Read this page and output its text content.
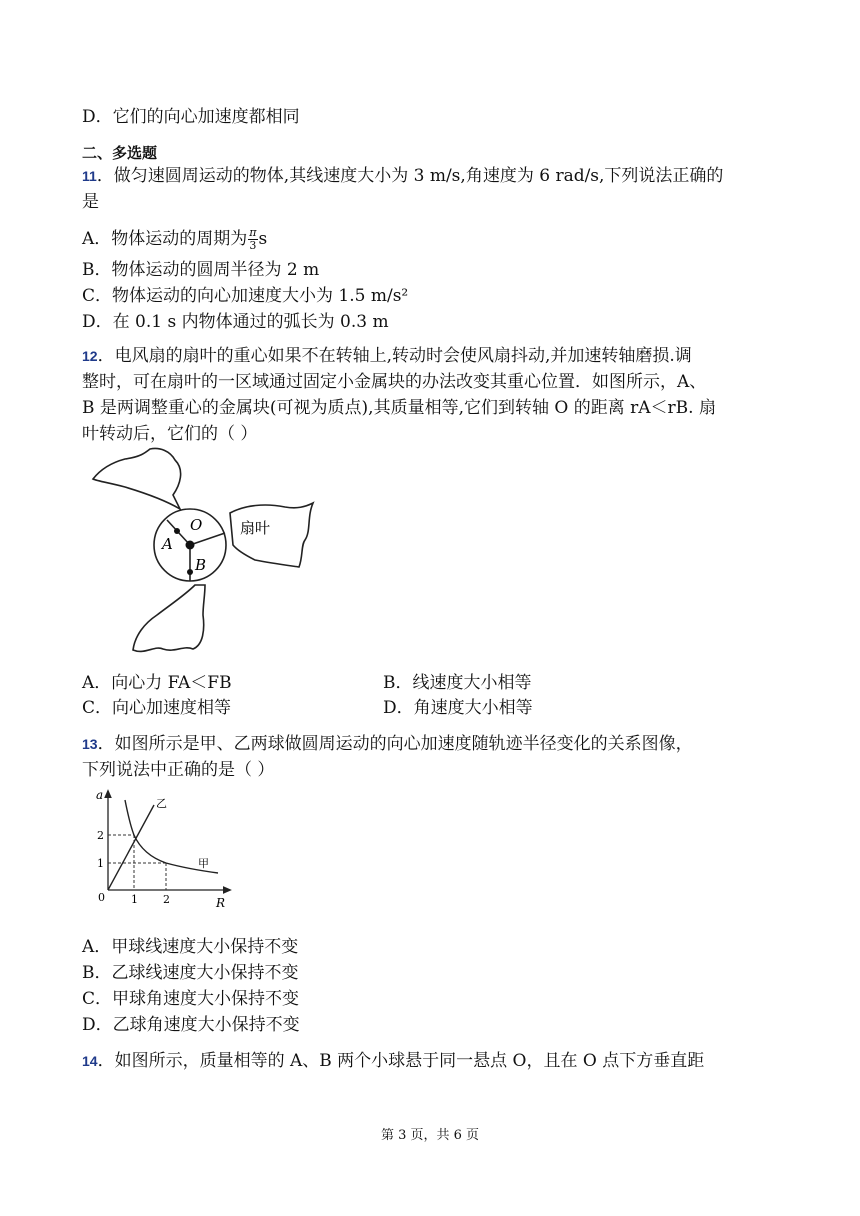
D．它们的向心加速度都相同
二、多选题
11．做匀速圆周运动的物体,其线速度大小为 3 m/s,角速度为 6 rad/s,下列说法正确的
是
A．物体运动的周期为 $\frac{\pi}{3}$ s
B．物体运动的圆周半径为 2 m
C．物体运动的向心加速度大小为 1.5 m/s²
D．在 0.1 s 内物体通过的弧长为 0.3 m
12．电风扇的扇叶的重心如果不在转轴上,转动时会使风扇抖动,并加速转轴磨损.调
整时，可在扇叶的一区域通过固定小金属块的办法改变其重心位置．如图所示，A、
B 是两调整重心的金属块(可视为质点),其质量相等,它们到转轴 O 的距离 rA＜rB. 扇
叶转动后，它们的（ ）
O
A
B
扇叶
A．向心力 FA＜FB	B．线速度大小相等
C．向心加速度相等	D．角速度大小相等
13．如图所示是甲、乙两球做圆周运动的向心加速度随轨迹半径变化的关系图像，
下列说法中正确的是（ ）
a
R
0
2
1
1 2
乙
甲
A．甲球线速度大小保持不变
B．乙球线速度大小保持不变
C．甲球角速度大小保持不变
D．乙球角速度大小保持不变
14．如图所示，质量相等的 A、B 两个小球悬于同一悬点 O，且在 O 点下方垂直距
第 3 页，共 6 页
